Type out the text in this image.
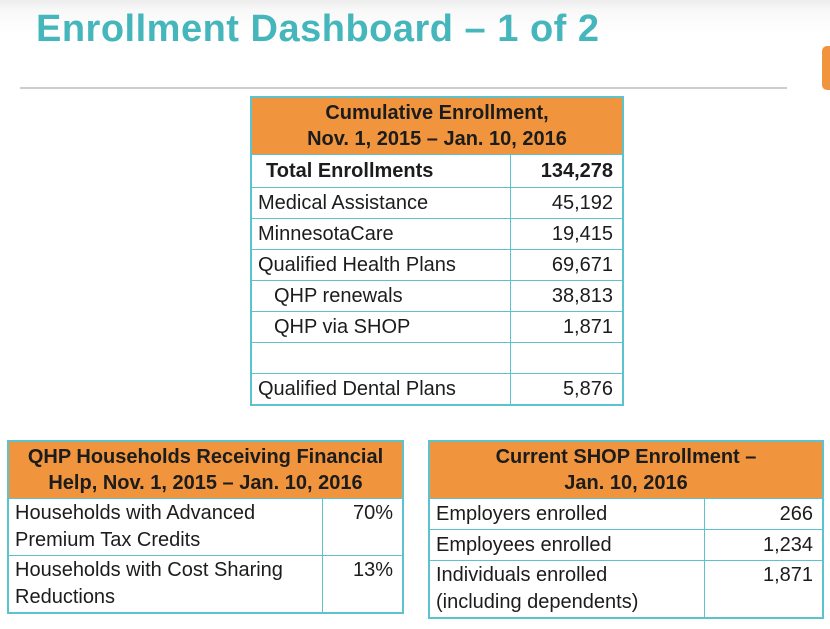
Enrollment Dashboard – 1 of 2
Cumulative Enrollment,
Nov. 1, 2015 – Jan. 10, 2016	

Total Enrollments	134,278
Medical Assistance	45,192
MinnesotaCare	19,415
Qualified Health Plans	69,671
QHP renewals	38,813
QHP via SHOP	1,871

Qualified Dental Plans	5,876
QHP Households Receiving Financial
Help, Nov. 1, 2015 – Jan. 10, 2016	

Households with Advanced
Premium Tax Credits	70%

Households with Cost Sharing
Reductions	13%
Current SHOP Enrollment –
Jan. 10, 2016	

Employers enrolled	266
Employees enrolled	1,234

Individuals enrolled
(including dependents)	1,871
